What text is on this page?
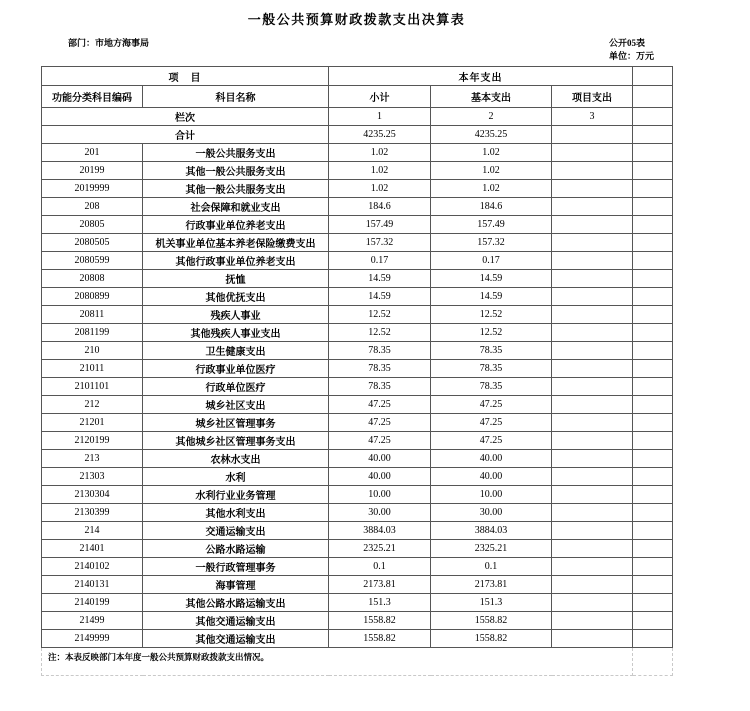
一般公共预算财政拨款支出决算表
部门：市地方海事局	公开05表
单位：万元
项　目		本年支出			
功能分类科目编码	科目名称	小计	基本支出	项目支出	
栏次		1	2	3	
合计		4235.25	4235.25		
201	一般公共服务支出	1.02	1.02		
20199	其他一般公共服务支出	1.02	1.02		
2019999	其他一般公共服务支出	1.02	1.02		
208	社会保障和就业支出	184.6	184.6		
20805	行政事业单位养老支出	157.49	157.49		
2080505	机关事业单位基本养老保险缴费支出	157.32	157.32		
2080599	其他行政事业单位养老支出	0.17	0.17		
20808	抚恤	14.59	14.59		
2080899	其他优抚支出	14.59	14.59		
20811	残疾人事业	12.52	12.52		
2081199	其他残疾人事业支出	12.52	12.52		
210	卫生健康支出	78.35	78.35		
21011	行政事业单位医疗	78.35	78.35		
2101101	行政单位医疗	78.35	78.35		
212	城乡社区支出	47.25	47.25		
21201	城乡社区管理事务	47.25	47.25		
2120199	其他城乡社区管理事务支出	47.25	47.25		
213	农林水支出	40.00	40.00		
21303	水利	40.00	40.00		
2130304	水利行业业务管理	10.00	10.00		
2130399	其他水利支出	30.00	30.00		
214	交通运输支出	3884.03	3884.03		
21401	公路水路运输	2325.21	2325.21		
2140102	一般行政管理事务	0.1	0.1		
2140131	海事管理	2173.81	2173.81		
2140199	其他公路水路运输支出	151.3	151.3		
21499	其他交通运输支出	1558.82	1558.82		
2149999	其他交通运输支出	1558.82	1558.82		
注：本表反映部门本年度一般公共预算财政拨款支出情况。					
